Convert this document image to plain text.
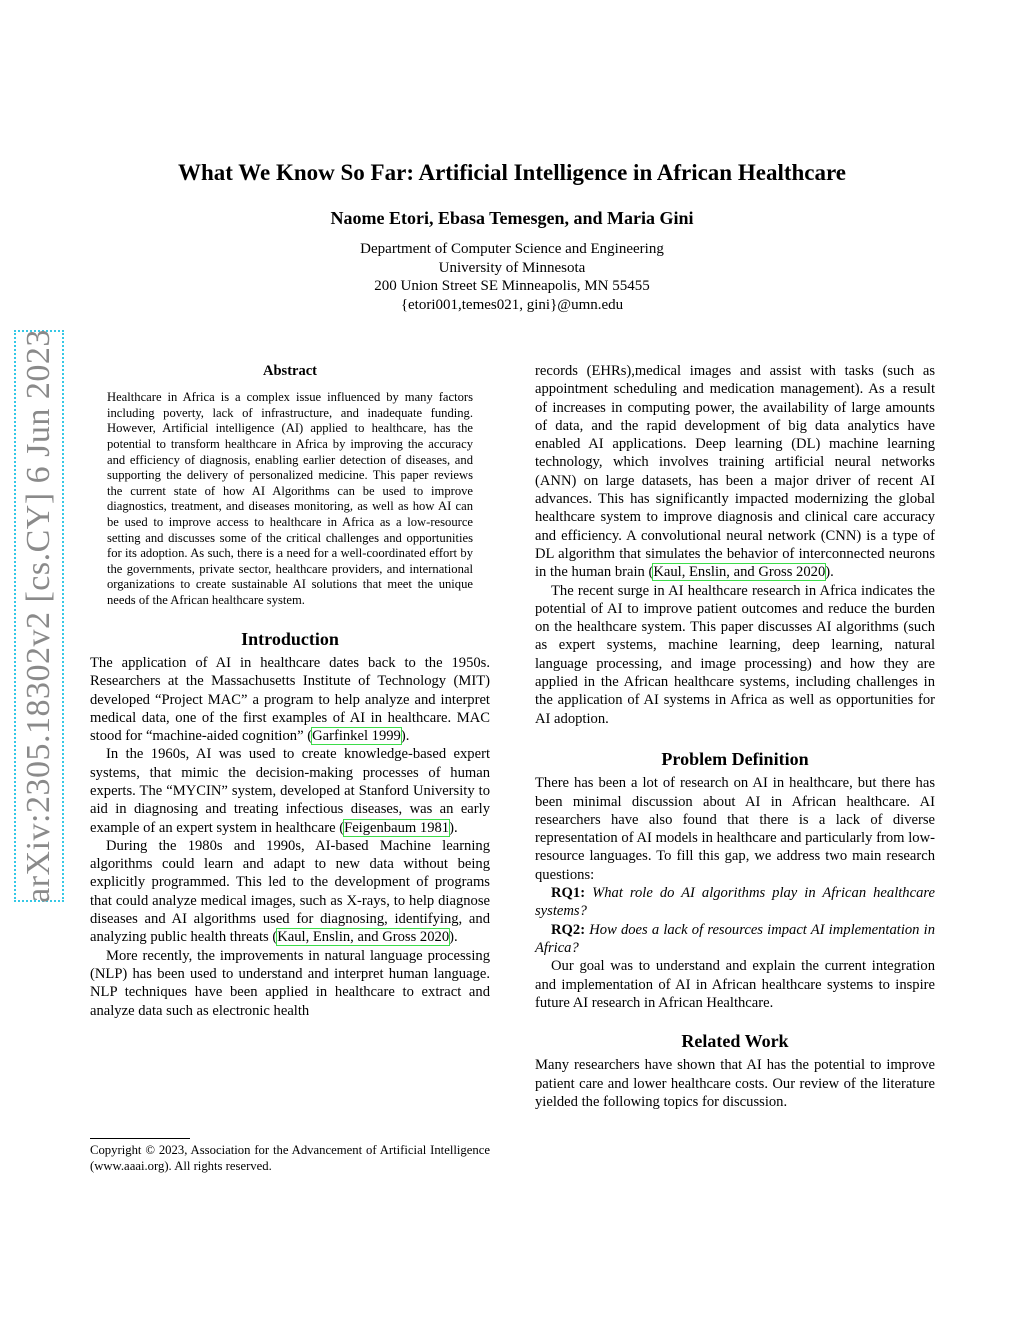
arXiv:2305.18302v2 [cs.CY] 6 Jun 2023
What We Know So Far: Artificial Intelligence in African Healthcare
Naome Etori, Ebasa Temesgen, and Maria Gini
Department of Computer Science and Engineering
University of Minnesota
200 Union Street SE Minneapolis, MN 55455
{etori001,temes021, gini}@umn.edu
Abstract
Healthcare in Africa is a complex issue influenced by many factors including poverty, lack of infrastructure, and inadequate funding. However, Artificial intelligence (AI) applied to healthcare, has the potential to transform healthcare in Africa by improving the accuracy and efficiency of diagnosis, enabling earlier detection of diseases, and supporting the delivery of personalized medicine. This paper reviews the current state of how AI Algorithms can be used to improve diagnostics, treatment, and diseases monitoring, as well as how AI can be used to improve access to healthcare in Africa as a low-resource setting and discusses some of the critical challenges and opportunities for its adoption. As such, there is a need for a well-coordinated effort by the governments, private sector, healthcare providers, and international organizations to create sustainable AI solutions that meet the unique needs of the African healthcare system.
Introduction

The application of AI in healthcare dates back to the 1950s. Researchers at the Massachusetts Institute of Technology (MIT) developed “Project MAC” a program to help analyze and interpret medical data, one of the first examples of AI in healthcare. MAC stood for “machine-aided cognition” (Garfinkel 1999).

In the 1960s, AI was used to create knowledge-based expert systems, that mimic the decision-making processes of human experts. The “MYCIN” system, developed at Stanford University to aid in diagnosing and treating infectious diseases, was an early example of an expert system in healthcare (Feigenbaum 1981).

During the 1980s and 1990s, AI-based Machine learning algorithms could learn and adapt to new data without being explicitly programmed. This led to the development of programs that could analyze medical images, such as X-rays, to help diagnose diseases and AI algorithms used for diagnosing, identifying, and analyzing public health threats (Kaul, Enslin, and Gross 2020).

More recently, the improvements in natural language processing (NLP) has been used to understand and interpret human language. NLP techniques have been applied in healthcare to extract and analyze data such as electronic health

Copyright © 2023, Association for the Advancement of Artificial Intelligence (www.aaai.org). All rights reserved.

records (EHRs),medical images and assist with tasks (such as appointment scheduling and medication management). As a result of increases in computing power, the availability of large amounts of data, and the rapid development of big data analytics have enabled AI applications. Deep learning (DL) machine learning technology, which involves training artificial neural networks (ANN) on large datasets, has been a major driver of recent AI advances. This has significantly impacted modernizing the global healthcare system to improve diagnosis and clinical care accuracy and efficiency. A convolutional neural network (CNN) is a type of DL algorithm that simulates the behavior of interconnected neurons in the human brain (Kaul, Enslin, and Gross 2020).

The recent surge in AI healthcare research in Africa indicates the potential of AI to improve patient outcomes and reduce the burden on the healthcare system. This paper discusses AI algorithms (such as expert systems, machine learning, deep learning, natural language processing, and image processing) and how they are applied in the African healthcare systems, including challenges in the application of AI systems in Africa as well as opportunities for AI adoption.

Problem Definition

There has been a lot of research on AI in healthcare, but there has been minimal discussion about AI in African healthcare. AI researchers have also found that there is a lack of diverse representation of AI models in healthcare and particularly from low-resource languages. To fill this gap, we address two main research questions:

RQ1: What role do AI algorithms play in African healthcare systems?

RQ2: How does a lack of resources impact AI implementation in Africa?

Our goal was to understand and explain the current integration and implementation of AI in African healthcare systems to inspire future AI research in African Healthcare.

Related Work

Many researchers have shown that AI has the potential to improve patient care and lower healthcare costs. Our review of the literature yielded the following topics for discussion.
